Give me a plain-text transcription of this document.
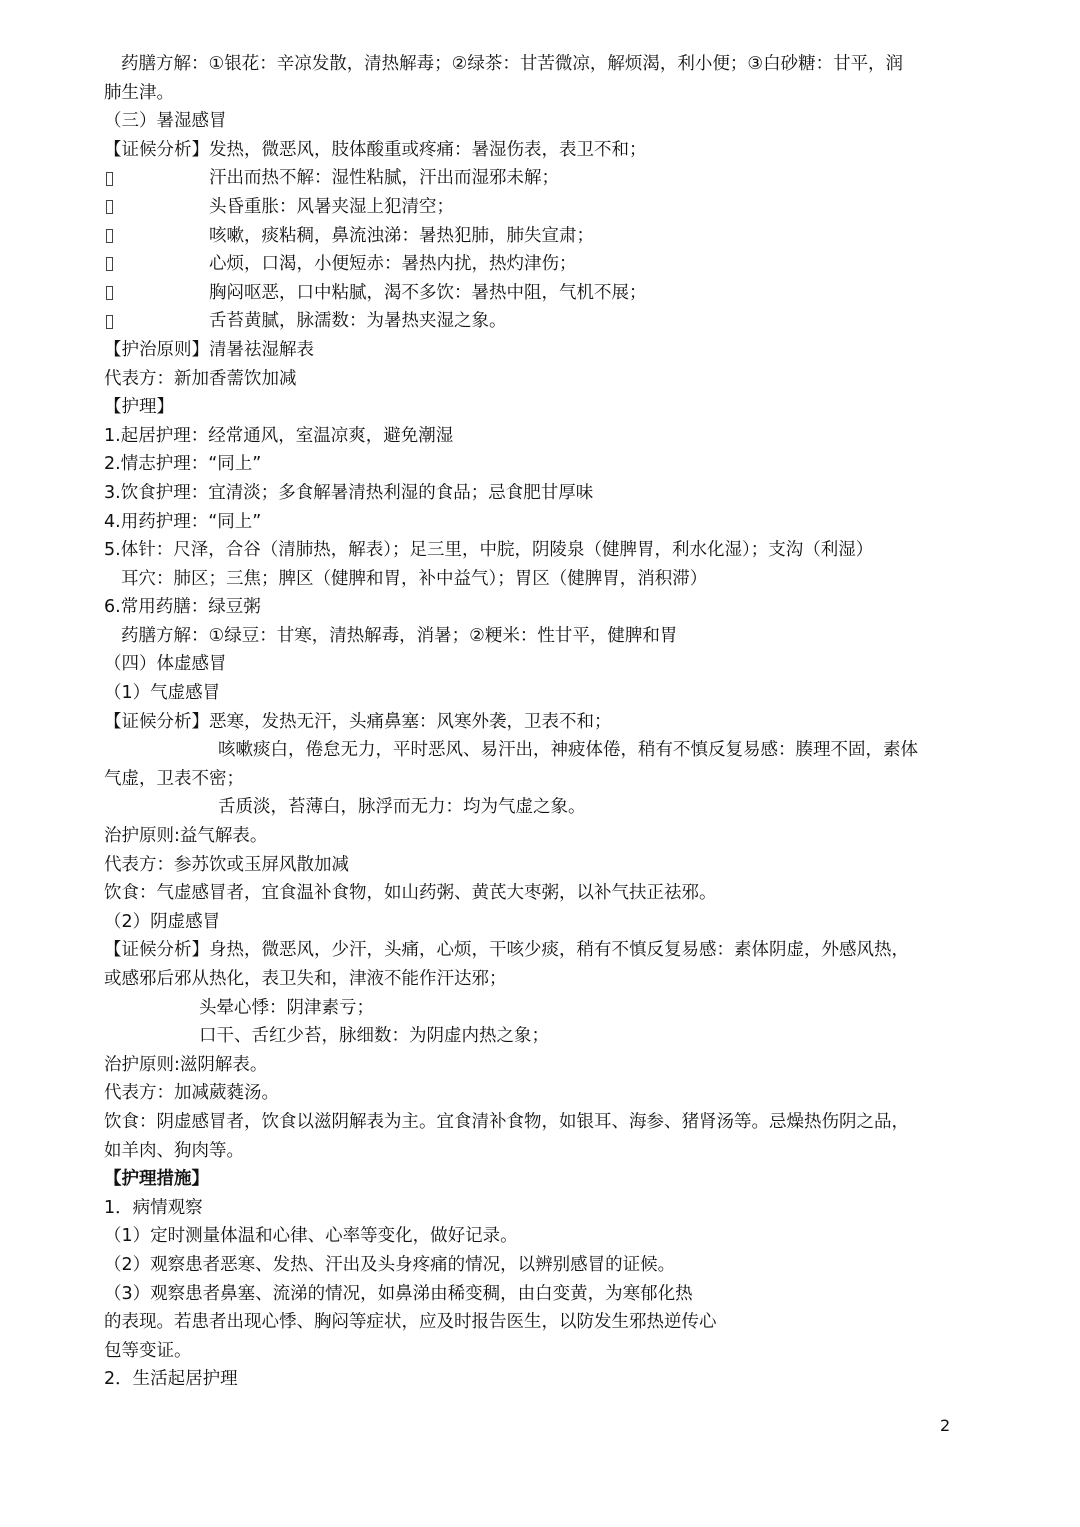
药膳方解：①银花：辛凉发散，清热解毒；②绿茶：甘苦微凉，解烦渴，利小便；③白砂糖：甘平，润
肺生津。
（三）暑湿感冒
【证候分析】发热，微恶风，肢体酸重或疼痛：暑湿伤表，表卫不和；
汗出而热不解：湿性粘腻，汗出而湿邪未解；
头昏重胀：风暑夹湿上犯清空；
咳嗽，痰粘稠，鼻流浊涕：暑热犯肺，肺失宣肃；
心烦，口渴，小便短赤：暑热内扰，热灼津伤；
胸闷呕恶，口中粘腻，渴不多饮：暑热中阻，气机不展；
舌苔黄腻，脉濡数：为暑热夹湿之象。
【护治原则】清暑祛湿解表
代表方：新加香薷饮加减
【护理】
1.起居护理：经常通风，室温凉爽，避免潮湿
2.情志护理：“同上”
3.饮食护理：宜清淡；多食解暑清热利湿的食品；忌食肥甘厚味
4.用药护理：“同上”
5.体针：尺泽，合谷（清肺热，解表）；足三里，中脘，阴陵泉（健脾胃，利水化湿）；支沟（利湿）
耳穴：肺区；三焦；脾区（健脾和胃，补中益气）；胃区（健脾胃，消积滞）
6.常用药膳：绿豆粥
药膳方解：①绿豆：甘寒，清热解毒，消暑；②粳米：性甘平，健脾和胃
（四）体虚感冒
（1）气虚感冒
【证候分析】恶寒，发热无汗，头痛鼻塞：风寒外袭，卫表不和；
咳嗽痰白，倦怠无力，平时恶风、易汗出，神疲体倦，稍有不慎反复易感：腠理不固，素体
气虚，卫表不密；
舌质淡，苔薄白，脉浮而无力：均为气虚之象。
治护原则:益气解表。
代表方：参苏饮或玉屏风散加减
饮食：气虚感冒者，宜食温补食物，如山药粥、黄芪大枣粥，以补气扶正祛邪。
（2）阴虚感冒
【证候分析】身热，微恶风，少汗，头痛，心烦，干咳少痰，稍有不慎反复易感：素体阴虚，外感风热，
或感邪后邪从热化，表卫失和，津液不能作汗达邪；
头晕心悸：阴津素亏；
口干、舌红少苔，脉细数：为阴虚内热之象；
治护原则:滋阴解表。
代表方：加减葳蕤汤。
饮食：阴虚感冒者，饮食以滋阴解表为主。宜食清补食物，如银耳、海参、猪肾汤等。忌燥热伤阴之品，
如羊肉、狗肉等。
【护理措施】
1．病情观察
（1）定时测量体温和心律、心率等变化，做好记录。
（2）观察患者恶寒、发热、汗出及头身疼痛的情况，以辨别感冒的证候。
（3）观察患者鼻塞、流涕的情况，如鼻涕由稀变稠，由白变黄，为寒郁化热
的表现。若患者出现心悸、胸闷等症状，应及时报告医生，以防发生邪热逆传心
包等变证。
2．生活起居护理
2
